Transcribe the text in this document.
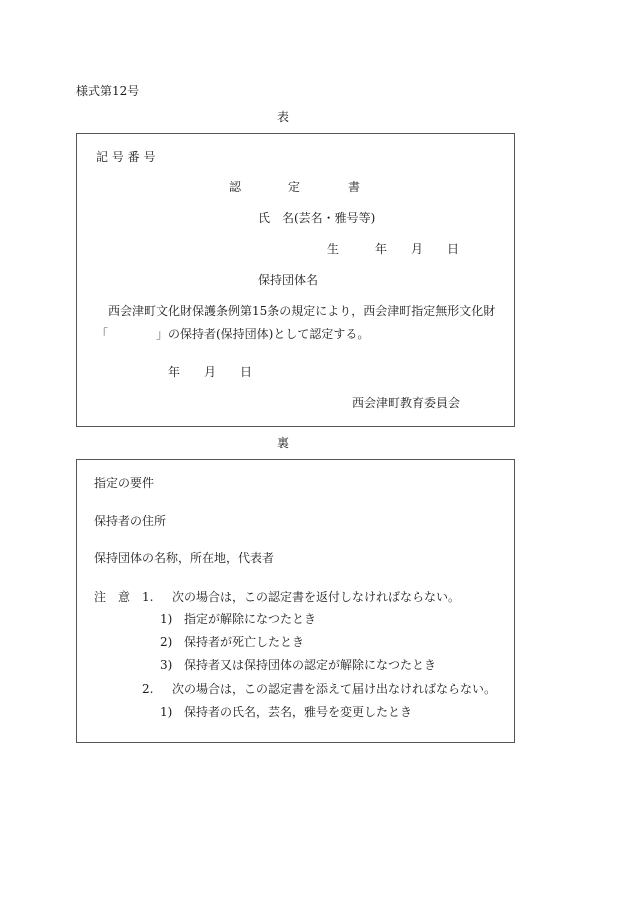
様式第12号
表
記 号 番 号
認	定	書
氏　名(芸名・雅号等)
生	年 月 日
保持団体名
西会津町文化財保護条例第15条の規定により，西会津町指定無形文化財
「	」の保持者(保持団体)として認定する。
年 月 日
西会津町教育委員会
裏
指定の要件
保持者の住所
保持団体の名称，所在地，代表者
注　意 1. 次の場合は，この認定書を返付しなければならない。
1) 指定が解除になつたとき
2) 保持者が死亡したとき
3) 保持者又は保持団体の認定が解除になつたとき
2. 次の場合は，この認定書を添えて届け出なければならない。
1) 保持者の氏名，芸名，雅号を変更したとき
